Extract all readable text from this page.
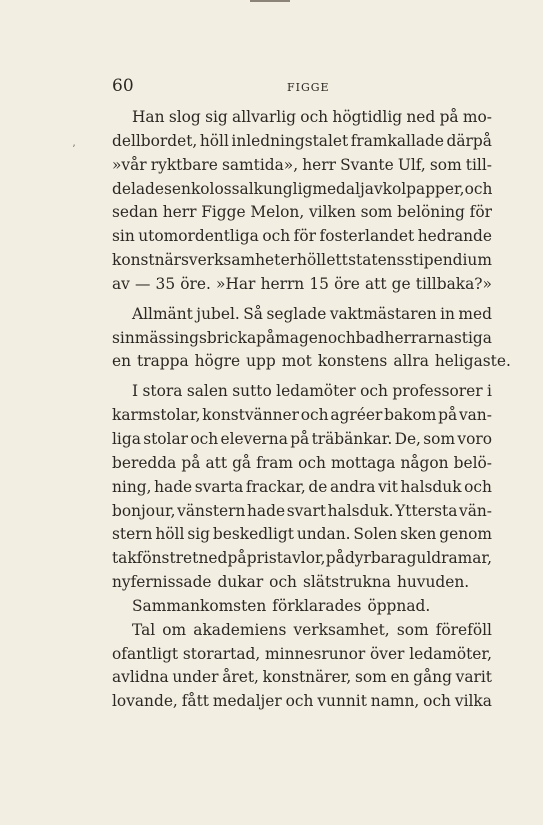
ʼ
60	FIGGE
Han slog sig allvarlig och högtidlig ned på mo-
dellbordet, höll inledningstalet framkallade därpå
»vår ryktbare samtida», herr Svante Ulf, som till-
delades en kolossal kunglig medalj av kolpapper, och
sedan herr Figge Melon, vilken som belöning för
sin utomordentliga och för fosterlandet hedrande
konstnärsverksamhet erhöll ett statens stipendium
av — 35 öre. »Har herrn 15 öre att ge tillbaka?»
Allmänt jubel. Så seglade vaktmästaren in med
sin mässingsbricka på magen och bad herrarna stiga
en trappa högre upp mot konstens allra heligaste.
I stora salen sutto ledamöter och professorer i
karmstolar, konstvänner och agréer bakom på van-
liga stolar och eleverna på träbänkar. De, som voro
beredda på att gå fram och mottaga någon belö-
ning, hade svarta frackar, de andra vit halsduk och
bonjour, vänstern hade svart halsduk. Yttersta vän-
stern höll sig beskedligt undan. Solen sken genom
takfönstret ned på pristavlor, på dyrbara guldramar,
nyfernissade dukar och slätstrukna huvuden.
Sammankomsten förklarades öppnad.
Tal om akademiens verksamhet, som föreföll
ofantligt storartad, minnesrunor över ledamöter,
avlidna under året, konstnärer, som en gång varit
lovande, fått medaljer och vunnit namn, och vilka
